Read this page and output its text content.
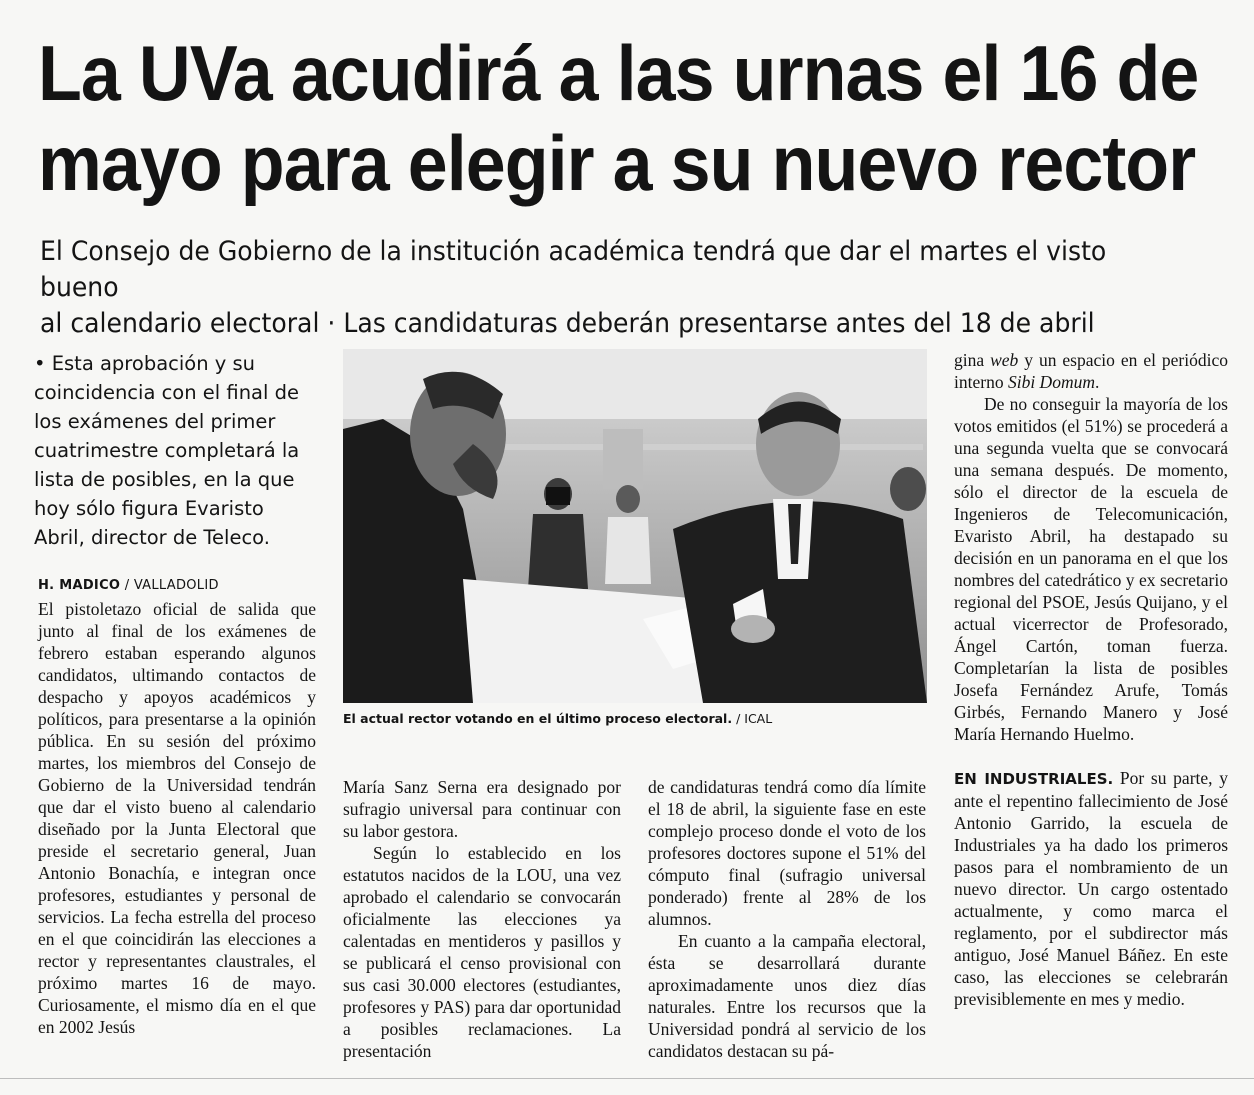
La UVa acudirá a las urnas el 16 de
mayo para elegir a su nuevo rector
El Consejo de Gobierno de la institución académica tendrá que dar el martes el visto bueno
al calendario electoral · Las candidaturas deberán presentarse antes del 18 de abril
• Esta aprobación y su coincidencia con el final de los exámenes del primer cuatrimestre completará la lista de posibles, en la que hoy sólo figura Evaristo Abril, director de Teleco.
H. MADICO / VALLADOLID

El pistoletazo oficial de salida que junto al final de los exámenes de febrero estaban esperando algunos candidatos, ultimando contactos de despacho y apoyos académicos y políticos, para presentarse a la opinión pública. En su sesión del próximo martes, los miembros del Consejo de Gobierno de la Universidad tendrán que dar el visto bueno al calendario diseñado por la Junta Electoral que preside el secretario general, Juan Antonio Bonachía, e integran once profesores, estudiantes y personal de servicios. La fecha estrella del proceso en el que coincidirán las elecciones a rector y representantes claustrales, el próximo martes 16 de mayo. Curiosamente, el mismo día en el que en 2002 Jesús

El actual rector votando en el último proceso electoral. / ICAL

María Sanz Serna era designado por sufragio universal para continuar con su labor gestora.

Según lo establecido en los estatutos nacidos de la LOU, una vez aprobado el calendario se convocarán oficialmente las elecciones ya calentadas en mentideros y pasillos y se publicará el censo provisional con sus casi 30.000 electores (estudiantes, profesores y PAS) para dar oportunidad a posibles reclamaciones. La presentación

de candidaturas tendrá como día límite el 18 de abril, la siguiente fase en este complejo proceso donde el voto de los profesores doctores supone el 51% del cómputo final (sufragio universal ponderado) frente al 28% de los alumnos.

En cuanto a la campaña electoral, ésta se desarrollará durante aproximadamente unos diez días naturales. Entre los recursos que la Universidad pondrá al servicio de los candidatos destacan su pá-

gina web y un espacio en el periódico interno Sibi Domum.

De no conseguir la mayoría de los votos emitidos (el 51%) se procederá a una segunda vuelta que se convocará una semana después. De momento, sólo el director de la escuela de Ingenieros de Telecomunicación, Evaristo Abril, ha destapado su decisión en un panorama en el que los nombres del catedrático y ex secretario regional del PSOE, Jesús Quijano, y el actual vicerrector de Profesorado, Ángel Cartón, toman fuerza. Completarían la lista de posibles Josefa Fernández Arufe, Tomás Girbés, Fernando Manero y José María Hernando Huelmo.

EN INDUSTRIALES. Por su parte, y ante el repentino fallecimiento de José Antonio Garrido, la escuela de Industriales ya ha dado los primeros pasos para el nombramiento de un nuevo director. Un cargo ostentado actualmente, y como marca el reglamento, por el subdirector más antiguo, José Manuel Báñez. En este caso, las elecciones se celebrarán previsiblemente en mes y medio.
